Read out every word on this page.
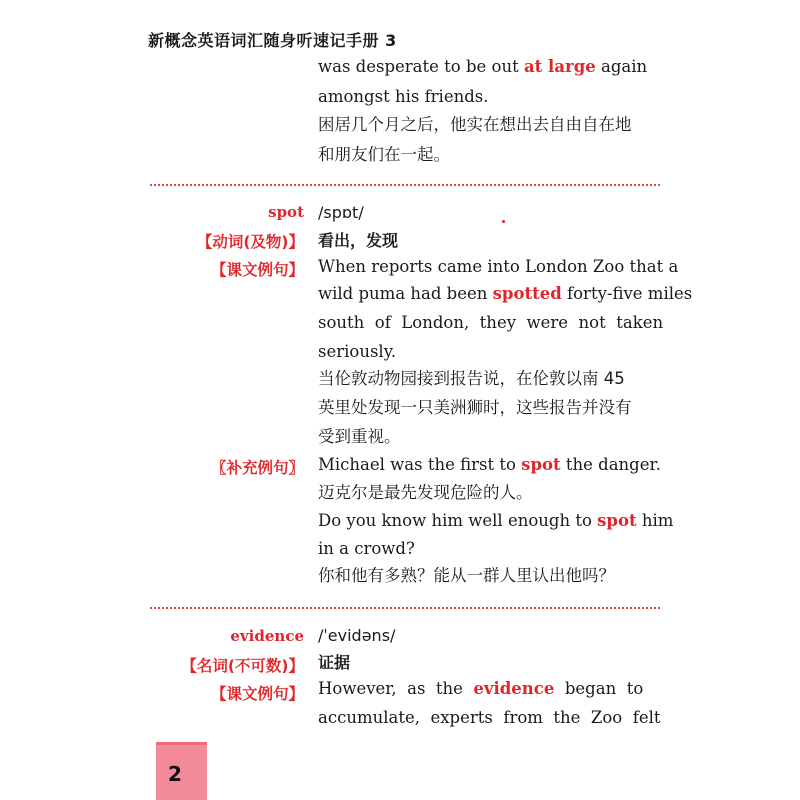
新概念英语词汇随身听速记手册 3
was desperate to be out at large again
amongst his friends.
困居几个月之后，他实在想出去自由自在地
和朋友们在一起。
spot /spɒt/
【动词(及物)】 看出，发现
【课文例句】 When reports came into London Zoo that a
wild puma had been spotted forty-five miles
south  of  London,  they  were  not  taken
seriously.
当伦敦动物园接到报告说，在伦敦以南 45
英里处发现一只美洲狮时，这些报告并没有
受到重视。
〖补充例句〗 Michael was the first to spot the danger.
迈克尔是最先发现危险的人。
Do you know him well enough to spot him
in a crowd?
你和他有多熟？能从一群人里认出他吗？
evidence /ˈevidəns/
【名词(不可数)】 证据
【课文例句】 However,  as  the  evidence  began  to
accumulate,  experts  from  the  Zoo  felt
2
